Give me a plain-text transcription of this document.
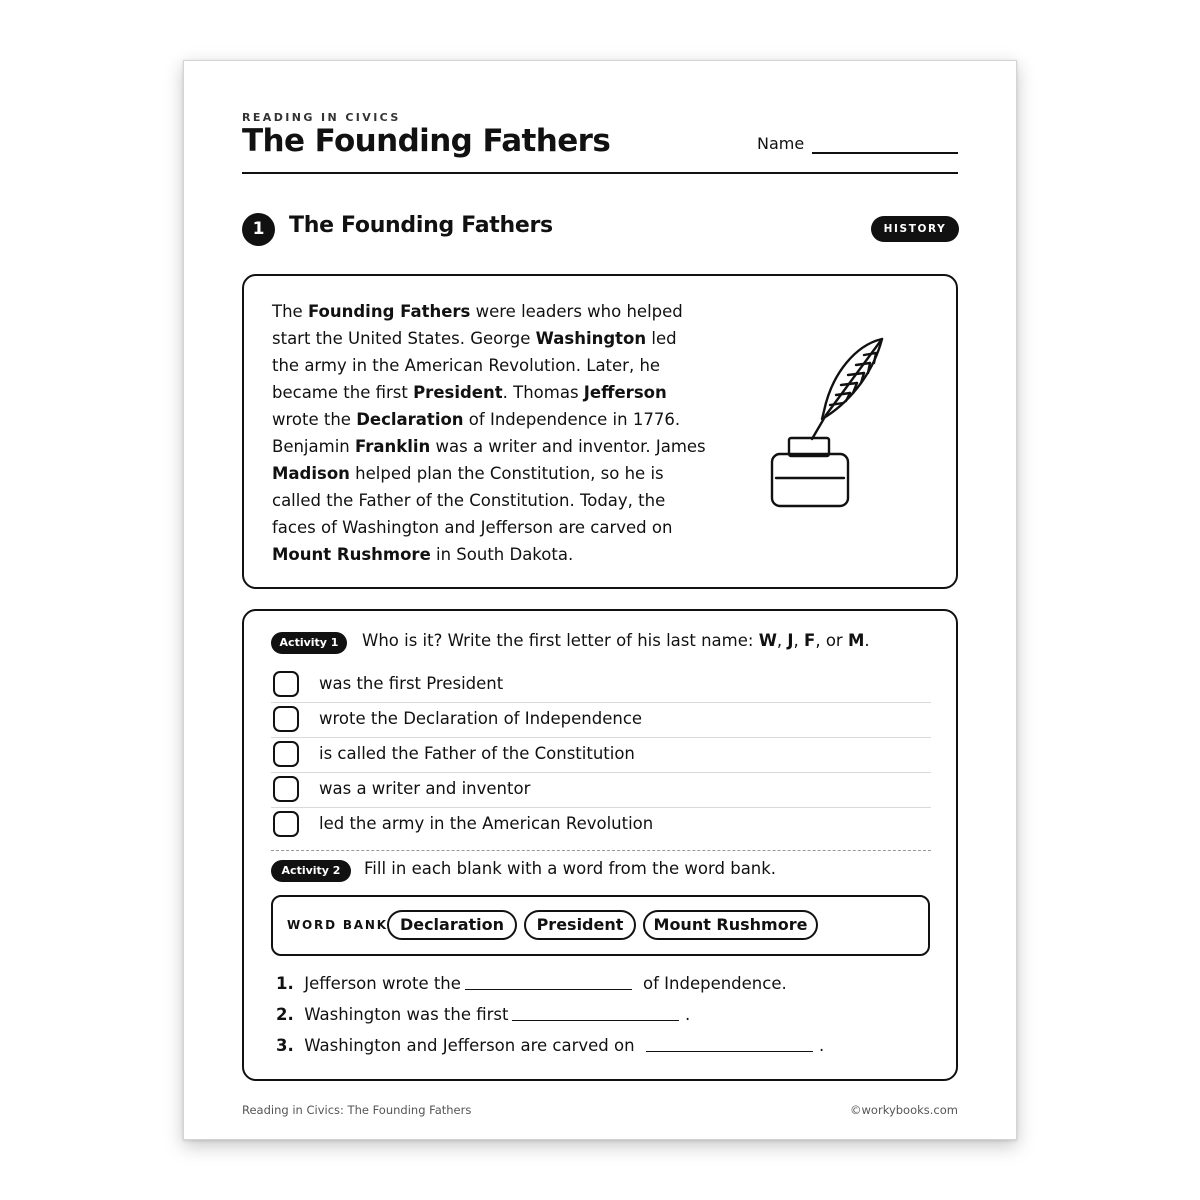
READING IN CIVICS
The Founding Fathers	Name
1	The Founding Fathers	HISTORY
The Founding Fathers were leaders who helped start the United States. George Washington led the army in the American Revolution. Later, he became the first President. Thomas Jefferson wrote the Declaration of Independence in 1776. Benjamin Franklin was a writer and inventor. James Madison helped plan the Constitution, so he is called the Father of the Constitution. Today, the faces of Washington and Jefferson are carved on Mount Rushmore in South Dakota.
Activity 1	Who is it? Write the first letter of his last name: W, J, F, or M.
was the first President
wrote the Declaration of Independence
is called the Father of the Constitution
was a writer and inventor
led the army in the American Revolution
Activity 2	Fill in each blank with a word from the word bank.
WORD BANK Declaration	President	Mount Rushmore
1. Jefferson wrote the	of Independence.
2. Washington was the first	.
3. Washington and Jefferson are carved on	.
Reading in Civics: The Founding Fathers	©workybooks.com
